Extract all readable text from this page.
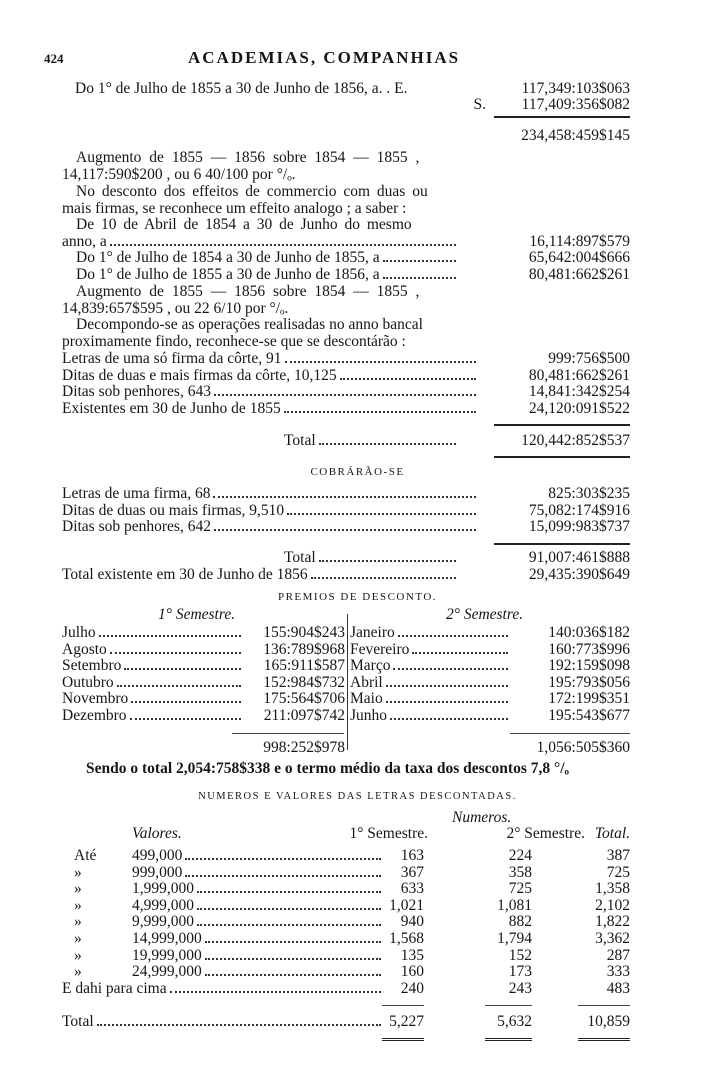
424	ACADEMIAS, COMPANHIAS
Do 1° de Julho de 1855 a 30 de Junho de 1856, a. . E.	117,349:103$063
S.	117,409:356$082
234,458:459$145
Augmento de 1855 — 1856 sobre 1854 — 1855 ,
14,117:590$200 , ou 6 40/100 por °/ₒ.
No desconto dos effeitos de commercio com duas ou
mais firmas, se reconhece um effeito analogo ; a saber :
De 10 de Abril de 1854 a 30 de Junho do mesmo
anno, a	16,114:897$579
Do 1° de Julho de 1854 a 30 de Junho de 1855, a	65,642:004$666
Do 1° de Julho de 1855 a 30 de Junho de 1856, a	80,481:662$261
Augmento de 1855 — 1856 sobre 1854 — 1855 ,
14,839:657$595 , ou 22 6/10 por °/ₒ.
Decompondo-se as operações realisadas no anno bancal
proximamente findo, reconhece-se que se descontárão :
Letras de uma só firma da côrte, 91	999:756$500
Ditas de duas e mais firmas da côrte, 10,125	80,481:662$261
Ditas sob penhores, 643	14,841:342$254
Existentes em 30 de Junho de 1855	24,120:091$522
Total	120,442:852$537
COBRÁRÃO-SE
Letras de uma firma, 68	825:303$235
Ditas de duas ou mais firmas, 9,510	75,082:174$916
Ditas sob penhores, 642	15,099:983$737
Total	91,007:461$888
Total existente em 30 de Junho de 1856	29,435:390$649
PREMIOS DE DESCONTO.
1° Semestre.	2° Semestre.
Julho	155:904$243
Agosto	136:789$968
Setembro	165:911$587
Outubro	152:984$732
Novembro	175:564$706
Dezembro	211:097$742
Janeiro	140:036$182
Fevereiro	160:773$996
Março	192:159$098
Abril	195:793$056
Maio	172:199$351
Junho	195:543$677
998:252$978	1,056:505$360
Sendo o total 2,054:758$338 e o termo médio da taxa dos descontos 7,8 °/ₒ
NUMEROS E VALORES DAS LETRAS DESCONTADAS.
Numeros.
Valores.	1° Semestre.	2° Semestre. Total.
Até 499,000	163	224	387
»	999,000	367	358	725
»	1,999,000	633	725	1,358
»	4,999,000	1,021	1,081	2,102
»	9,999,000	940	882	1,822
»	14,999,000	1,568	1,794	3,362
»	19,999,000	135	152	287
»	24,999,000	160	173	333
E dahi para cima	240	243	483
Total	5,227	5,632	10,859
